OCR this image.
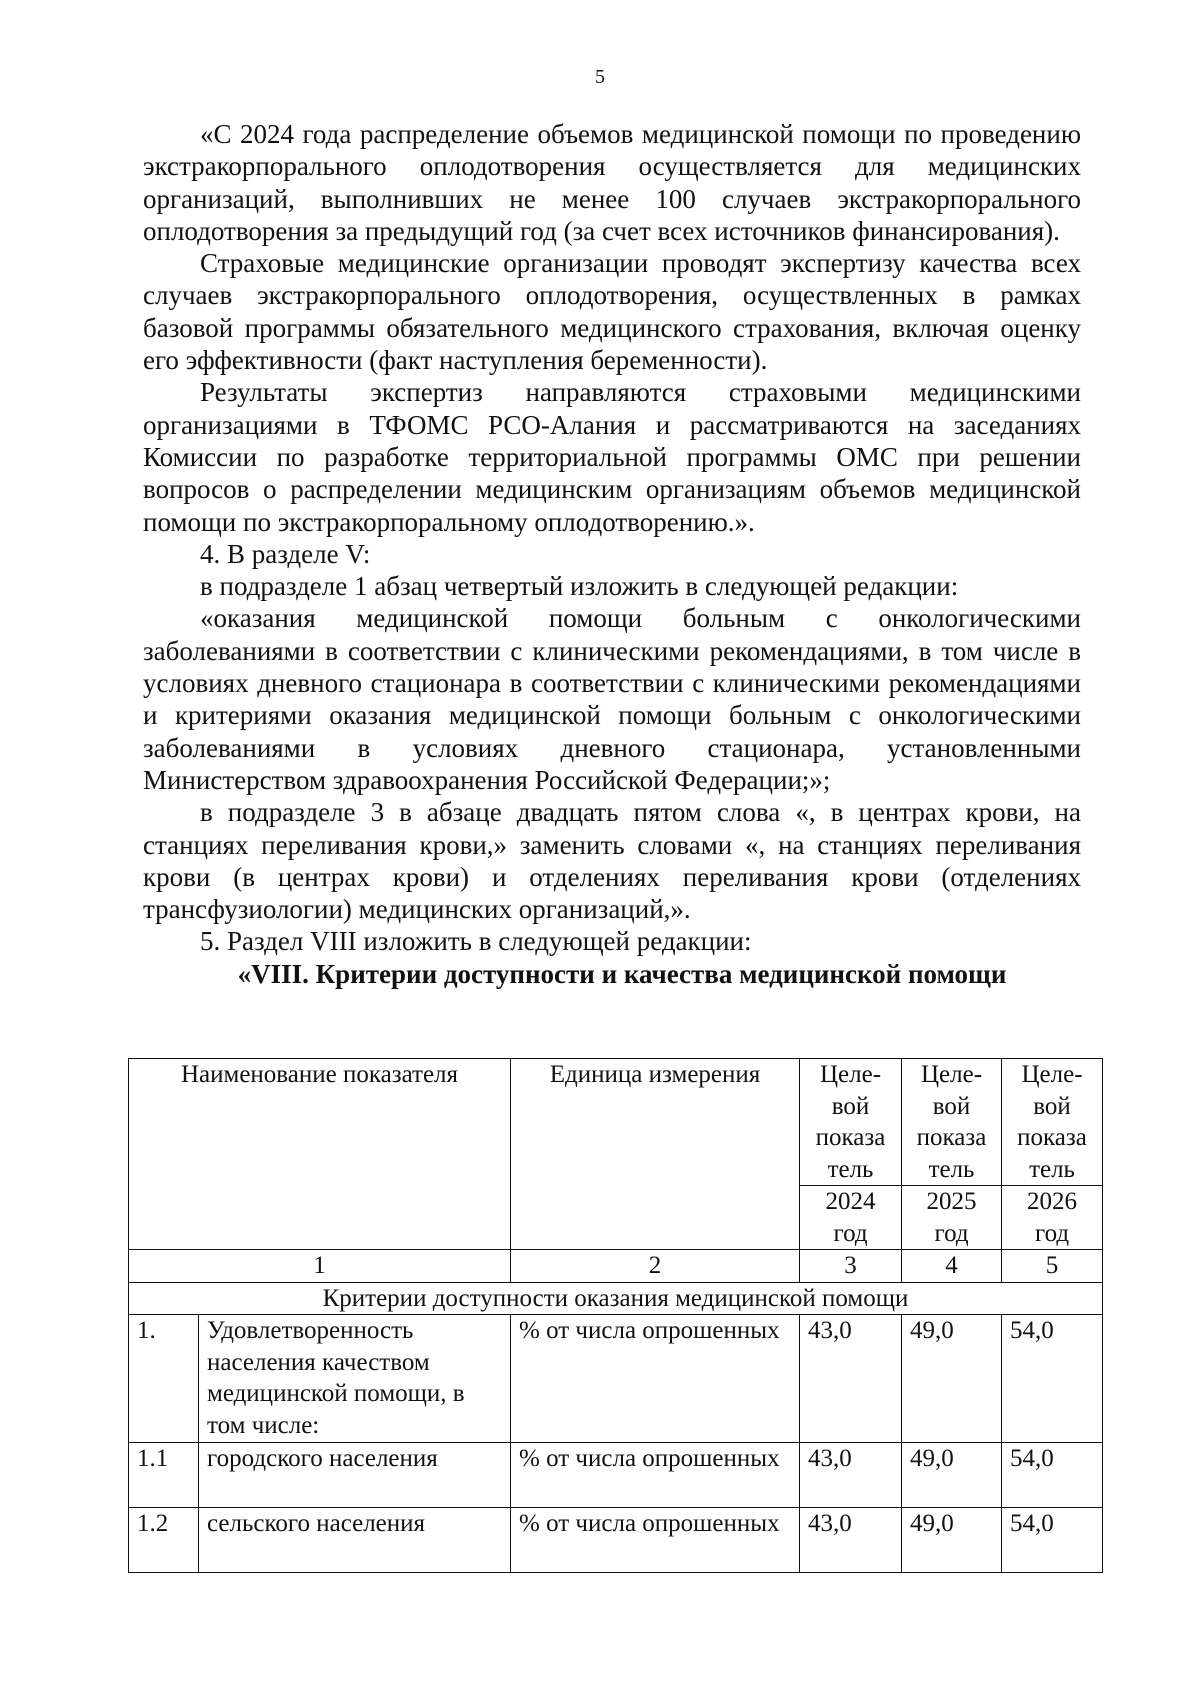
5

«С 2024 года распределение объемов медицинской помощи по проведению экстракорпорального оплодотворения осуществляется для медицинских организаций, выполнивших не менее 100 случаев экстракорпорального оплодотворения за предыдущий год (за счет всех источников финансирования).

Страховые медицинские организации проводят экспертизу качества всех случаев экстракорпорального оплодотворения, осуществленных в рамках базовой программы обязательного медицинского страхования, включая оценку его эффективности (факт наступления беременности).

Результаты экспертиз направляются страховыми медицинскими организациями в ТФОМС РСО-Алания и рассматриваются на заседаниях Комиссии по разработке территориальной программы ОМС при решении вопросов о распределении медицинским организациям объемов медицинской помощи по экстракорпоральному оплодотворению.».

4. В разделе V:

в подразделе 1 абзац четвертый изложить в следующей редакции:

«оказания медицинской помощи больным с онкологическими заболеваниями в соответствии с клиническими рекомендациями, в том числе в условиях дневного стационара в соответствии с клиническими рекомендациями и критериями оказания медицинской помощи больным с онкологическими заболеваниями в условиях дневного стационара, установленными Министерством здравоохранения Российской Федерации;»;

в подразделе 3 в абзаце двадцать пятом слова «, в центрах крови, на станциях переливания крови,» заменить словами «, на станциях переливания крови (в центрах крови) и отделениях переливания крови (отделениях трансфузиологии) медицинских организаций,».

5. Раздел VIII изложить в следующей редакции:

«VIII. Критерии доступности и качества медицинской помощи

Наименование показателя		Единица измерения	Целе-вой показа тель	Целе-вой показа тель	Целе-вой показа тель
			2024 год	2025 год	2026 год
1		2	3	4	5
Критерии доступности оказания медицинской помощи					
1.	Удовлетворенность населения качеством медицинской помощи, в том числе:	% от числа опрошенных	43,0	49,0	54,0
1.1	городского населения	% от числа опрошенных	43,0	49,0	54,0
1.2	сельского населения	% от числа опрошенных	43,0	49,0	54,0
